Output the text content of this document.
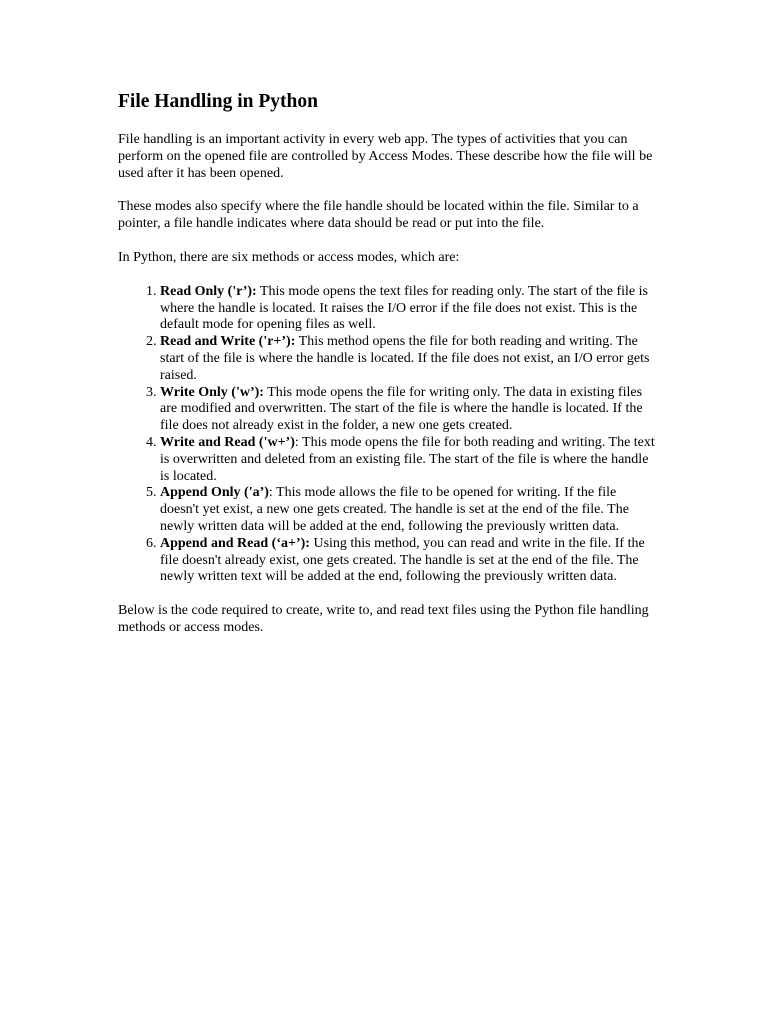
File Handling in Python

File handling is an important activity in every web app. The types of activities that you can perform on the opened file are controlled by Access Modes. These describe how the file will be used after it has been opened.

These modes also specify where the file handle should be located within the file. Similar to a pointer, a file handle indicates where data should be read or put into the file.

In Python, there are six methods or access modes, which are:

1. Read Only ('r’): This mode opens the text files for reading only. The start of the file is where the handle is located. It raises the I/O error if the file does not exist. This is the default mode for opening files as well.
2. Read and Write ('r+’): This method opens the file for both reading and writing. The start of the file is where the handle is located. If the file does not exist, an I/O error gets raised.
3. Write Only ('w’): This mode opens the file for writing only. The data in existing files are modified and overwritten. The start of the file is where the handle is located. If the file does not already exist in the folder, a new one gets created.
4. Write and Read ('w+’): This mode opens the file for both reading and writing. The text is overwritten and deleted from an existing file. The start of the file is where the handle is located.
5. Append Only ('a’): This mode allows the file to be opened for writing. If the file doesn't yet exist, a new one gets created. The handle is set at the end of the file. The newly written data will be added at the end, following the previously written data.
6. Append and Read (‘a+’): Using this method, you can read and write in the file. If the file doesn't already exist, one gets created. The handle is set at the end of the file. The newly written text will be added at the end, following the previously written data.

Below is the code required to create, write to, and read text files using the Python file handling methods or access modes.
